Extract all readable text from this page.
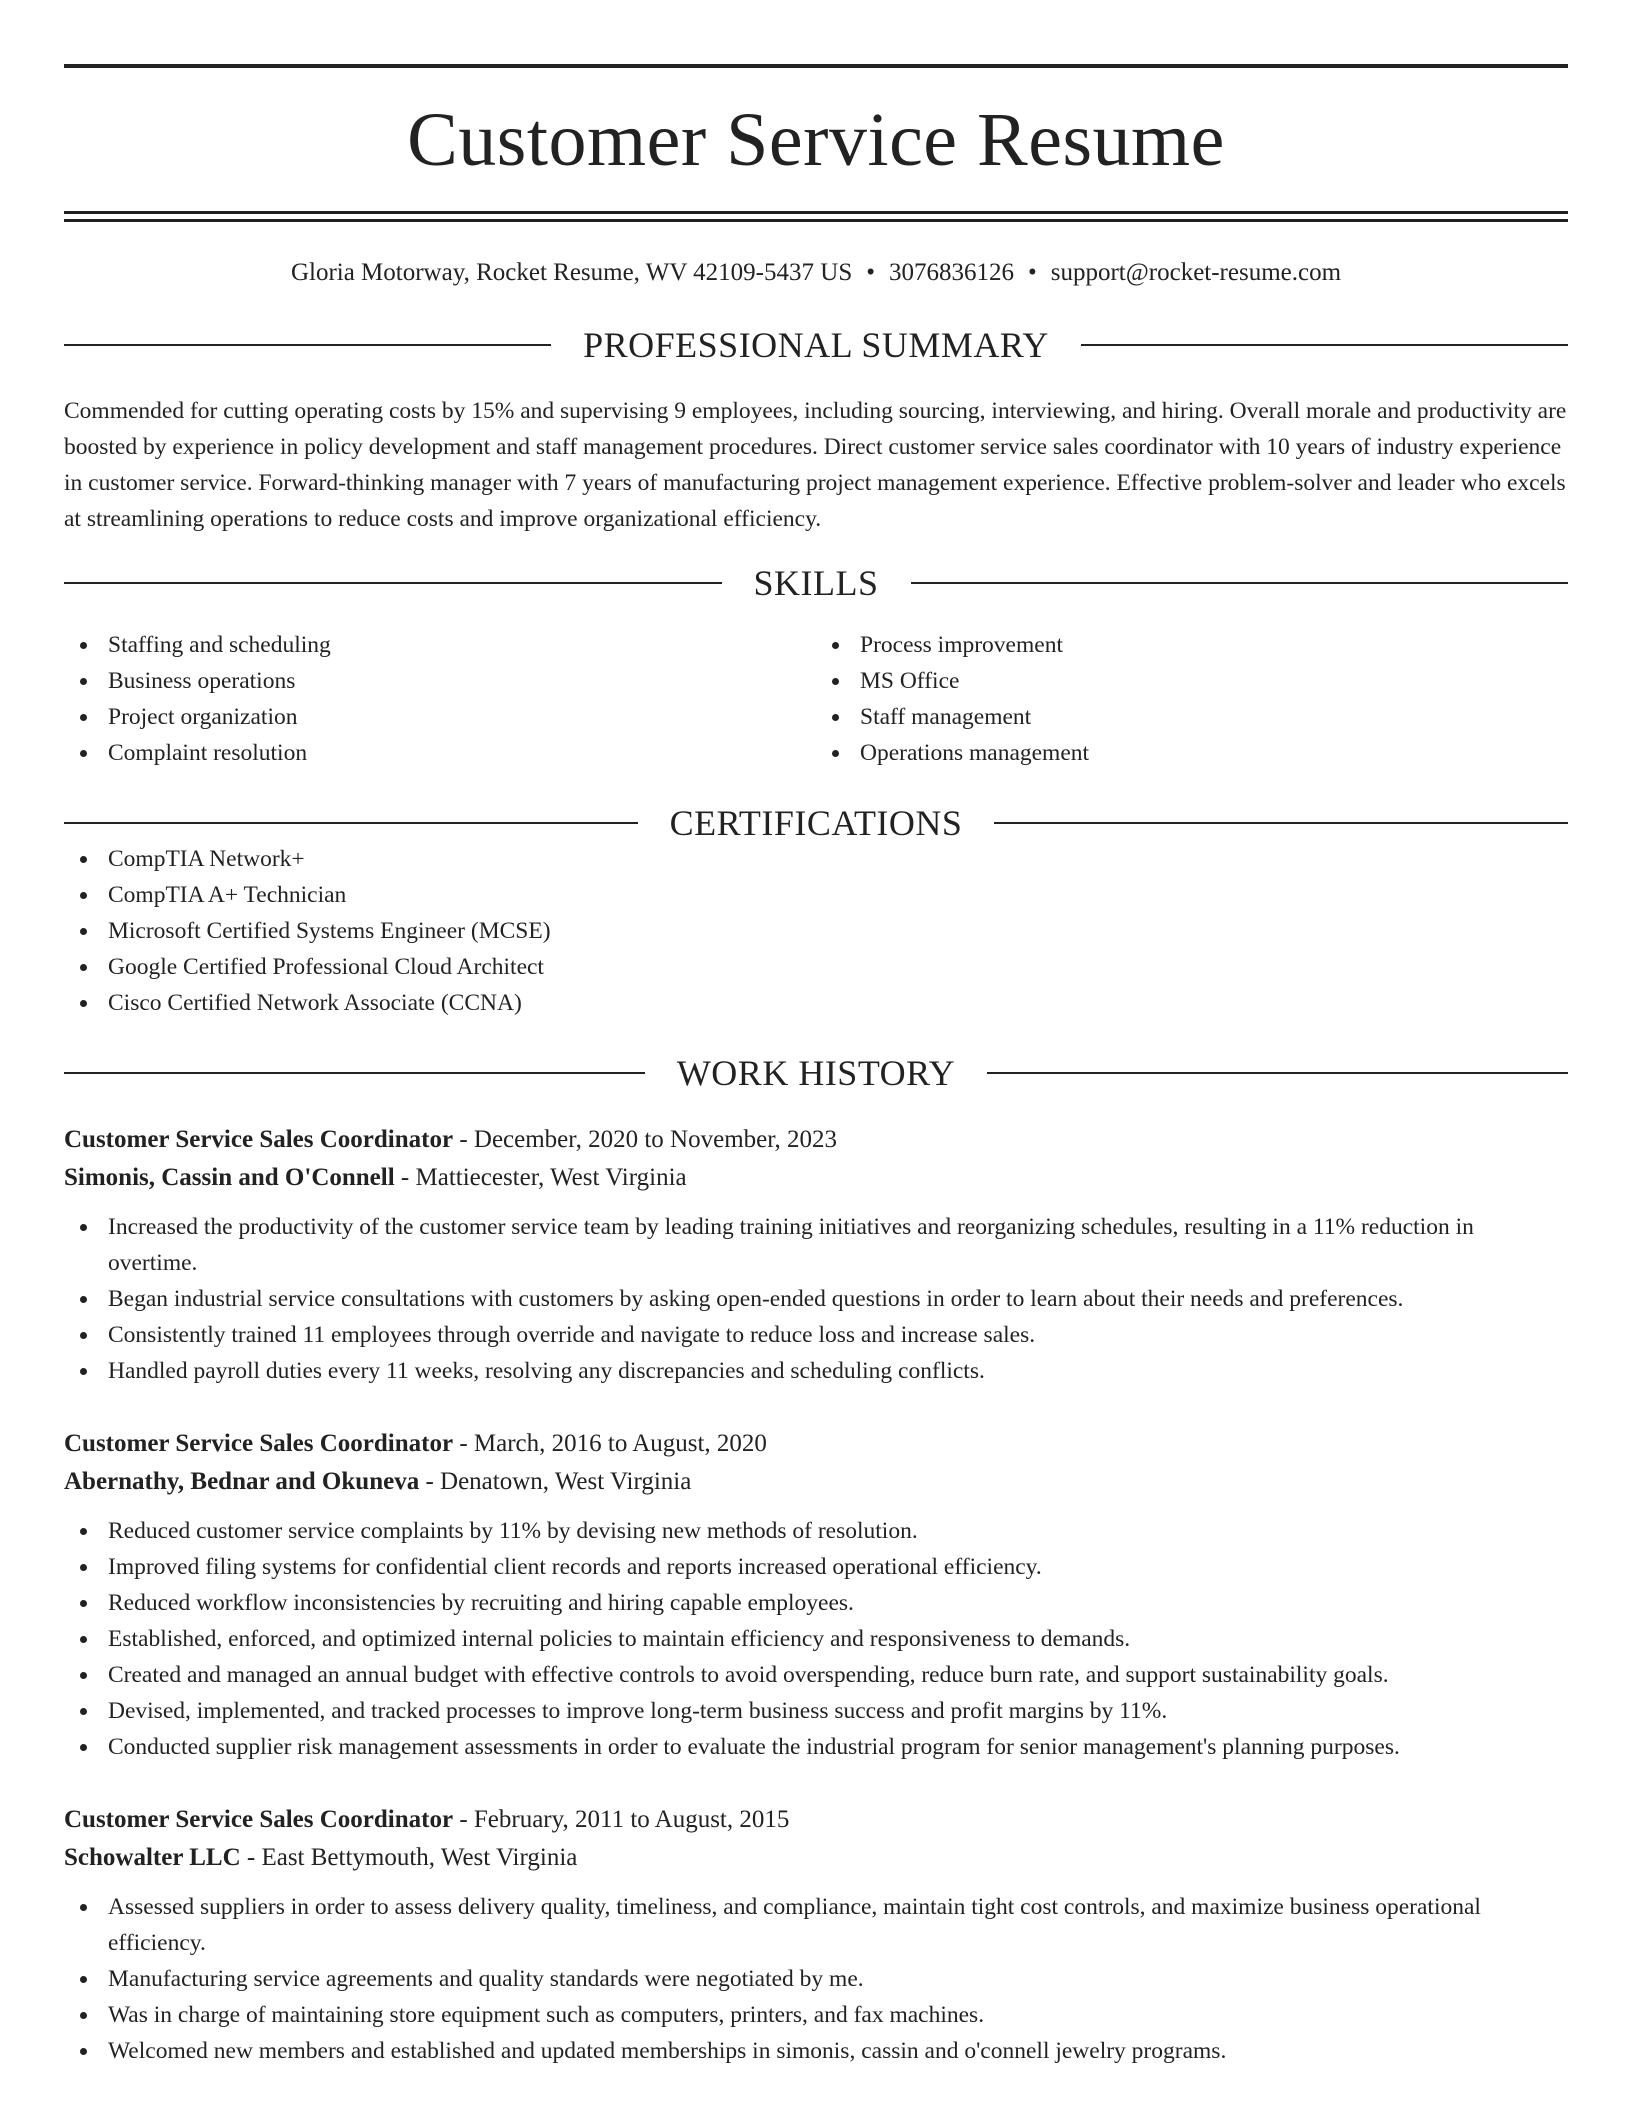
Customer Service Resume
Gloria Motorway, Rocket Resume, WV 42109-5437 US • 3076836126 • support@rocket-resume.com
PROFESSIONAL SUMMARY
Commended for cutting operating costs by 15% and supervising 9 employees, including sourcing, interviewing, and hiring. Overall morale and productivity are boosted by experience in policy development and staff management procedures. Direct customer service sales coordinator with 10 years of industry experience in customer service. Forward-thinking manager with 7 years of manufacturing project management experience. Effective problem-solver and leader who excels at streamlining operations to reduce costs and improve organizational efficiency.
SKILLS
Staffing and scheduling
Business operations
Project organization
Complaint resolution
Process improvement
MS Office
Staff management
Operations management
CERTIFICATIONS
CompTIA Network+
CompTIA A+ Technician
Microsoft Certified Systems Engineer (MCSE)
Google Certified Professional Cloud Architect
Cisco Certified Network Associate (CCNA)
WORK HISTORY
Customer Service Sales Coordinator - December, 2020 to November, 2023
Simonis, Cassin and O'Connell - Mattiecester, West Virginia
Increased the productivity of the customer service team by leading training initiatives and reorganizing schedules, resulting in a 11% reduction in overtime.
Began industrial service consultations with customers by asking open-ended questions in order to learn about their needs and preferences.
Consistently trained 11 employees through override and navigate to reduce loss and increase sales.
Handled payroll duties every 11 weeks, resolving any discrepancies and scheduling conflicts.
Customer Service Sales Coordinator - March, 2016 to August, 2020
Abernathy, Bednar and Okuneva - Denatown, West Virginia
Reduced customer service complaints by 11% by devising new methods of resolution.
Improved filing systems for confidential client records and reports increased operational efficiency.
Reduced workflow inconsistencies by recruiting and hiring capable employees.
Established, enforced, and optimized internal policies to maintain efficiency and responsiveness to demands.
Created and managed an annual budget with effective controls to avoid overspending, reduce burn rate, and support sustainability goals.
Devised, implemented, and tracked processes to improve long-term business success and profit margins by 11%.
Conducted supplier risk management assessments in order to evaluate the industrial program for senior management's planning purposes.
Customer Service Sales Coordinator - February, 2011 to August, 2015
Schowalter LLC - East Bettymouth, West Virginia
Assessed suppliers in order to assess delivery quality, timeliness, and compliance, maintain tight cost controls, and maximize business operational efficiency.
Manufacturing service agreements and quality standards were negotiated by me.
Was in charge of maintaining store equipment such as computers, printers, and fax machines.
Welcomed new members and established and updated memberships in simonis, cassin and o'connell jewelry programs.
